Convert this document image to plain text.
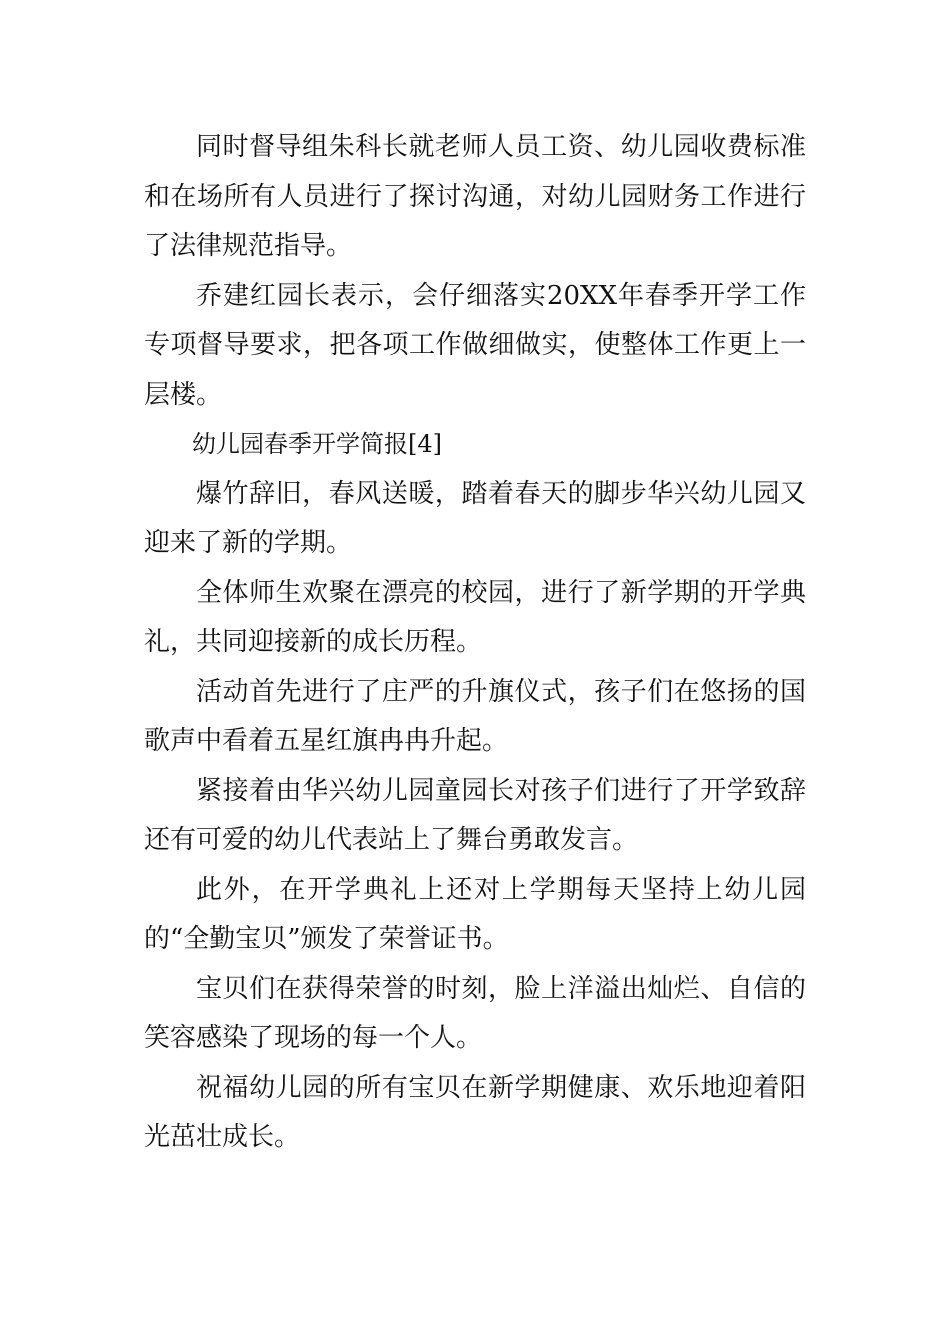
同时督导组朱科长就老师人员工资、幼儿园收费标准和在场所有人员进行了探讨沟通，对幼儿园财务工作进行了法律规范指导。

乔建红园长表示，会仔细落实20XX年春季开学工作专项督导要求，把各项工作做细做实，使整体工作更上一层楼。

幼儿园春季开学简报[4]

爆竹辞旧，春风送暖，踏着春天的脚步华兴幼儿园又迎来了新的学期。

全体师生欢聚在漂亮的校园，进行了新学期的开学典礼，共同迎接新的成长历程。

活动首先进行了庄严的升旗仪式，孩子们在悠扬的国歌声中看着五星红旗冉冉升起。

紧接着由华兴幼儿园童园长对孩子们进行了开学致辞还有可爱的幼儿代表站上了舞台勇敢发言。

此外，在开学典礼上还对上学期每天坚持上幼儿园的“全勤宝贝”颁发了荣誉证书。

宝贝们在获得荣誉的时刻，脸上洋溢出灿烂、自信的笑容感染了现场的每一个人。

祝福幼儿园的所有宝贝在新学期健康、欢乐地迎着阳光茁壮成长。
